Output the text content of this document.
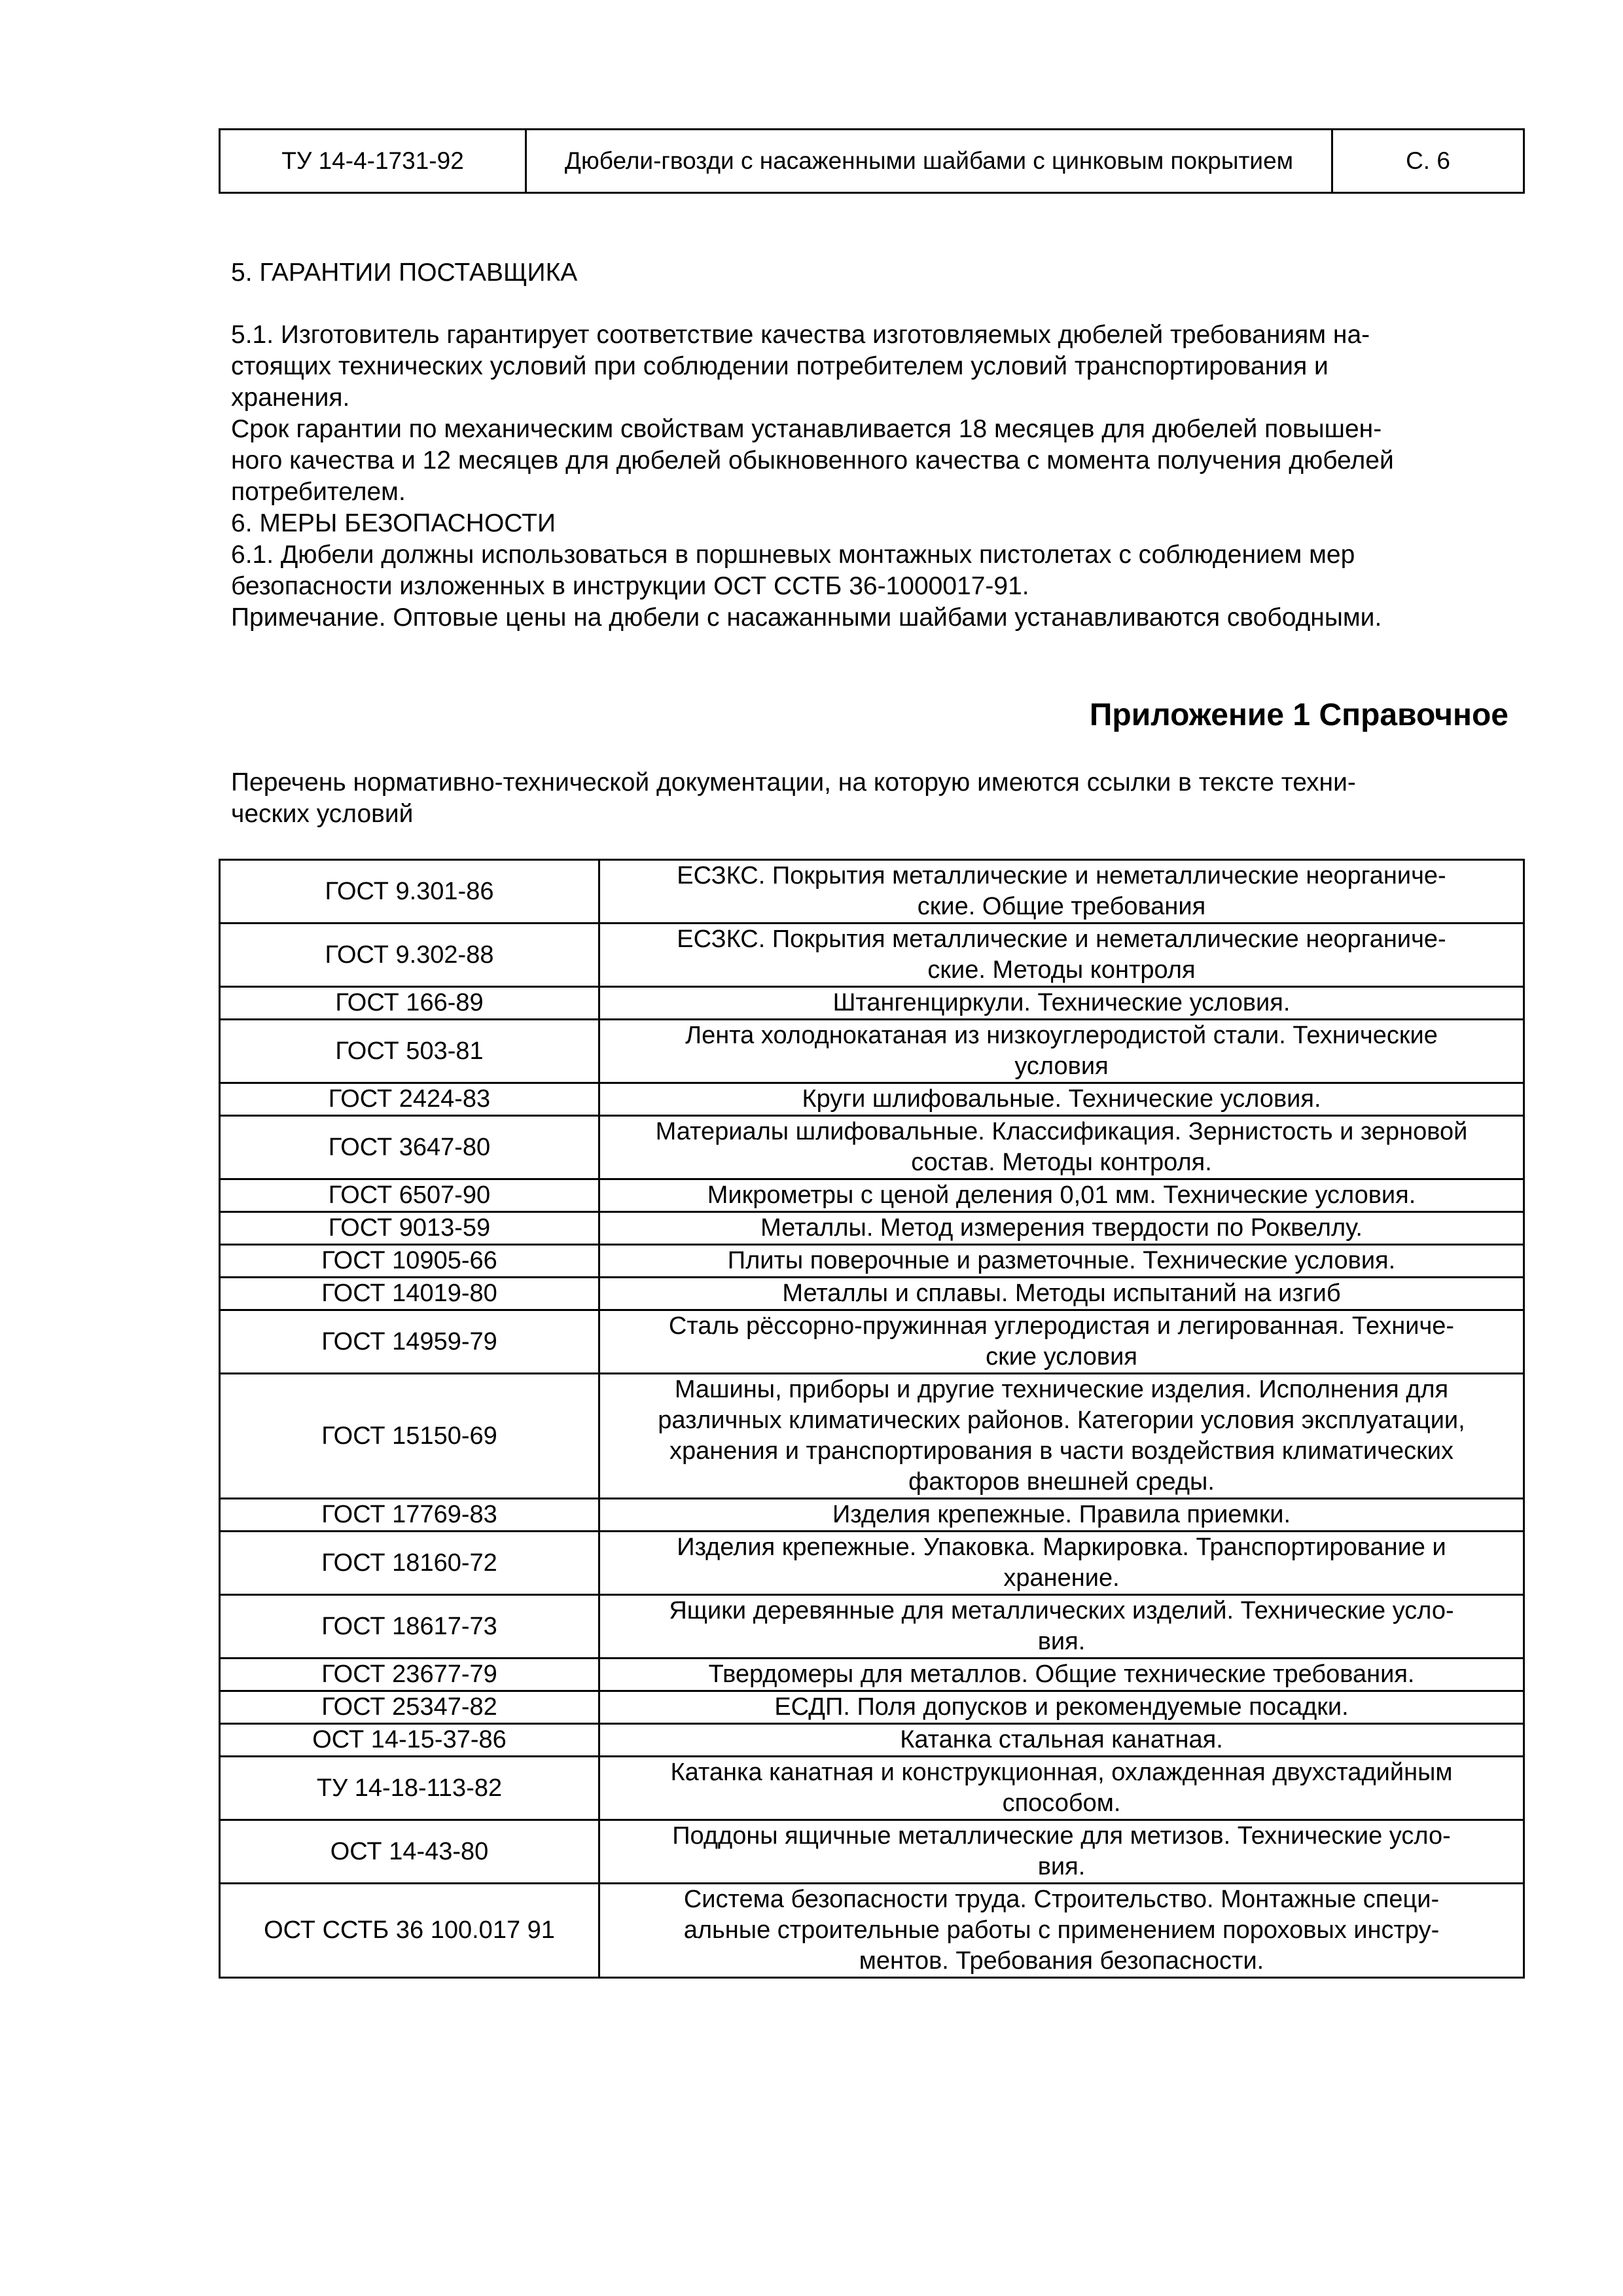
ТУ 14-4-1731-92	Дюбели-гвозди с насаженными шайбами с цинковым покрытием	С. 6
5. ГАРАНТИИ ПОСТАВЩИКА
5.1. Изготовитель гарантирует соответствие качества изготовляемых дюбелей требованиям на-
стоящих технических условий при соблюдении потребителем условий транспортирования и
хранения.
Срок гарантии по механическим свойствам устанавливается 18 месяцев для дюбелей повышен-
ного качества и 12 месяцев для дюбелей обыкновенного качества с момента получения дюбелей
потребителем.
6. МЕРЫ БЕЗОПАСНОСТИ
6.1. Дюбели должны использоваться в поршневых монтажных пистолетах с соблюдением мер
безопасности изложенных в инструкции ОСТ ССТБ 36-1000017-91.
Примечание. Оптовые цены на дюбели с насажанными шайбами устанавливаются свободными.
Приложение 1 Справочное
Перечень нормативно-технической документации, на которую имеются ссылки в тексте техни-
ческих условий
ГОСТ 9.301-86	ЕСЗКС. Покрытия металлические и неметаллические неорганиче-
ские. Общие требования

ГОСТ 9.302-88	ЕСЗКС. Покрытия металлические и неметаллические неорганиче-
ские. Методы контроля

ГОСТ 166-89	Штангенциркули. Технические условия.

ГОСТ 503-81	Лента холоднокатаная из низкоуглеродистой стали. Технические
условия

ГОСТ 2424-83	Круги шлифовальные. Технические условия.

ГОСТ 3647-80	Материалы шлифовальные. Классификация. Зернистость и зерновой
состав. Методы контроля.

ГОСТ 6507-90	Микрометры с ценой деления 0,01 мм. Технические условия.

ГОСТ 9013-59	Металлы. Метод измерения твердости по Роквеллу.

ГОСТ 10905-66	Плиты поверочные и разметочные. Технические условия.

ГОСТ 14019-80	Металлы и сплавы. Методы испытаний на изгиб

ГОСТ 14959-79	Сталь рёссорно-пружинная углеродистая и легированная. Техниче-
ские условия

ГОСТ 15150-69	Машины, приборы и другие технические изделия. Исполнения для
различных климатических районов. Категории условия эксплуатации,
хранения и транспортирования в части воздействия климатических
факторов внешней среды.

ГОСТ 17769-83	Изделия крепежные. Правила приемки.

ГОСТ 18160-72	Изделия крепежные. Упаковка. Маркировка. Транспортирование и
хранение.

ГОСТ 18617-73	Ящики деревянные для металлических изделий. Технические усло-
вия.

ГОСТ 23677-79	Твердомеры для металлов. Общие технические требования.

ГОСТ 25347-82	ЕСДП. Поля допусков и рекомендуемые посадки.

ОСТ 14-15-37-86	Катанка стальная канатная.

ТУ 14-18-113-82	Катанка канатная и конструкционная, охлажденная двухстадийным
способом.

ОСТ 14-43-80	Поддоны ящичные металлические для метизов. Технические усло-
вия.

ОСТ ССТБ 36 100.017 91	Система безопасности труда. Строительство. Монтажные специ-
альные строительные работы с применением пороховых инстру-
ментов. Требования безопасности.
